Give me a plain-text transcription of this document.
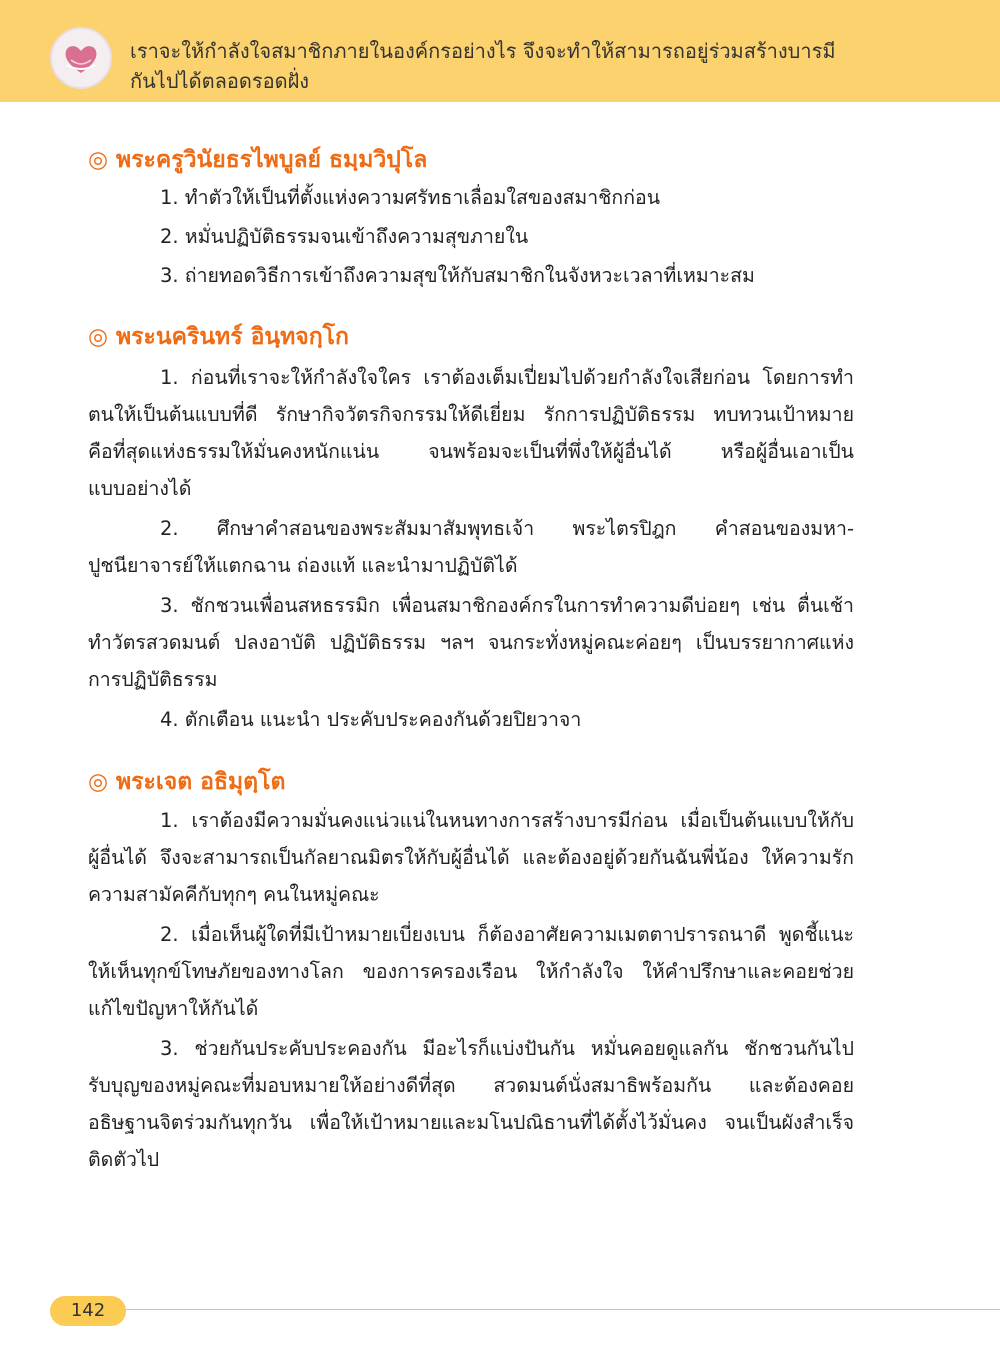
เราจะให้กำลังใจสมาชิกภายในองค์กรอย่างไร จึงจะทำให้สามารถอยู่ร่วมสร้างบารมี
กันไปได้ตลอดรอดฝั่ง
◎ พระครูวินัยธรไพบูลย์ ธมฺมวิปุโล
1. ทำตัวให้เป็นที่ตั้งแห่งความศรัทธาเลื่อมใสของสมาชิกก่อน
2. หมั่นปฏิบัติธรรมจนเข้าถึงความสุขภายใน
3. ถ่ายทอดวิธีการเข้าถึงความสุขให้กับสมาชิกในจังหวะเวลาที่เหมาะสม
◎ พระนครินทร์ อินฺทจกฺโก
1. ก่อนที่เราจะให้กำลังใจใคร เราต้องเต็มเปี่ยมไปด้วยกำลังใจเสียก่อน โดยการทำ
ตนให้เป็นต้นแบบที่ดี รักษากิจวัตรกิจกรรมให้ดีเยี่ยม รักการปฏิบัติธรรม ทบทวนเป้าหมาย
คือที่สุดแห่งธรรมให้มั่นคงหนักแน่น จนพร้อมจะเป็นที่พึ่งให้ผู้อื่นได้ หรือผู้อื่นเอาเป็น
แบบอย่างได้
2. ศึกษาคำสอนของพระสัมมาสัมพุทธเจ้า พระไตรปิฎก คำสอนของมหา-
ปูชนียาจารย์ให้แตกฉาน ถ่องแท้ และนำมาปฏิบัติได้
3. ชักชวนเพื่อนสหธรรมิก เพื่อนสมาชิกองค์กรในการทำความดีบ่อยๆ เช่น ตื่นเช้า
ทำวัตรสวดมนต์ ปลงอาบัติ ปฏิบัติธรรม ฯลฯ จนกระทั่งหมู่คณะค่อยๆ เป็นบรรยากาศแห่ง
การปฏิบัติธรรม
4. ตักเตือน แนะนำ ประคับประคองกันด้วยปิยวาจา
◎ พระเจต อธิมุตฺโต
1. เราต้องมีความมั่นคงแน่วแน่ในหนทางการสร้างบารมีก่อน เมื่อเป็นต้นแบบให้กับ
ผู้อื่นได้ จึงจะสามารถเป็นกัลยาณมิตรให้กับผู้อื่นได้ และต้องอยู่ด้วยกันฉันพี่น้อง ให้ความรัก
ความสามัคคีกับทุกๆ คนในหมู่คณะ
2. เมื่อเห็นผู้ใดที่มีเป้าหมายเบี่ยงเบน ก็ต้องอาศัยความเมตตาปรารถนาดี พูดชี้แนะ
ให้เห็นทุกข์โทษภัยของทางโลก ของการครองเรือน ให้กำลังใจ ให้คำปรึกษาและคอยช่วย
แก้ไขปัญหาให้กันได้
3. ช่วยกันประคับประคองกัน มีอะไรก็แบ่งปันกัน หมั่นคอยดูแลกัน ชักชวนกันไป
รับบุญของหมู่คณะที่มอบหมายให้อย่างดีที่สุด สวดมนต์นั่งสมาธิพร้อมกัน และต้องคอย
อธิษฐานจิตร่วมกันทุกวัน เพื่อให้เป้าหมายและมโนปณิธานที่ได้ตั้งไว้มั่นคง จนเป็นผังสำเร็จ
ติดตัวไป
142
